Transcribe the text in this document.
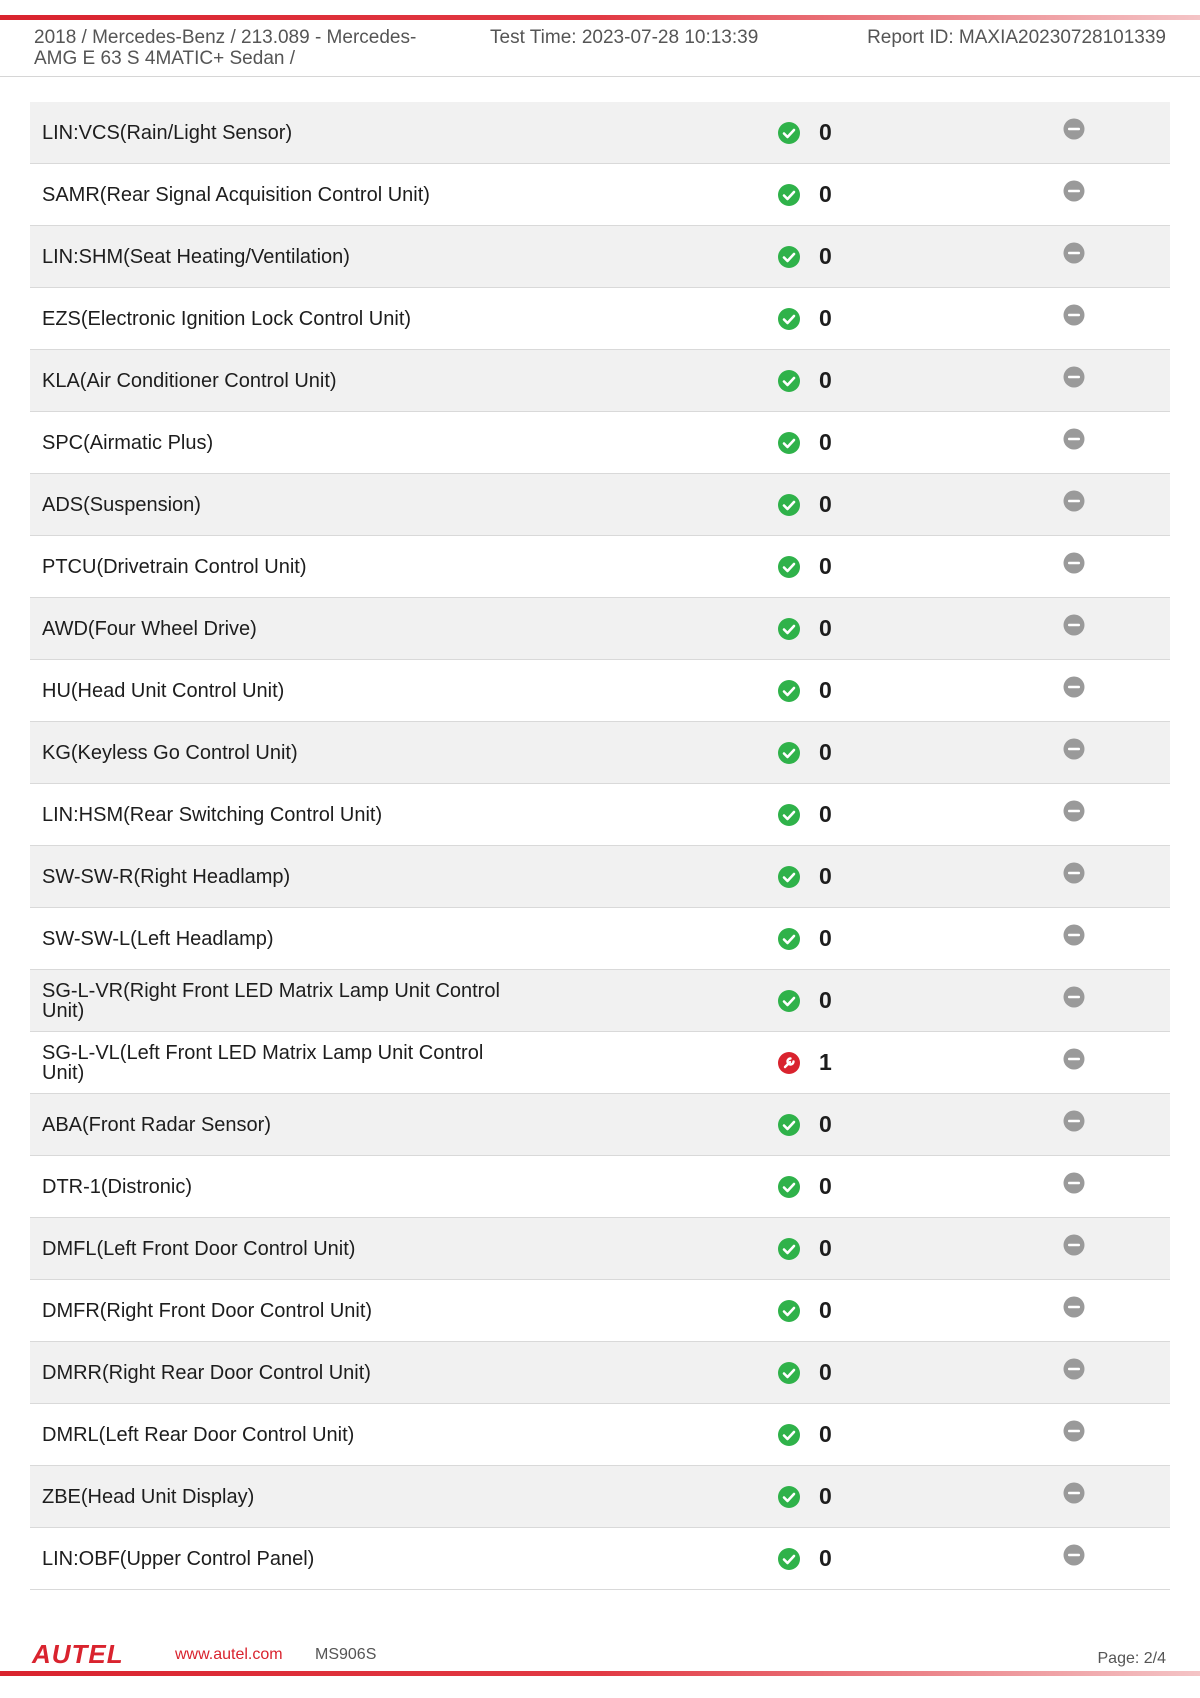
2018 / Mercedes-Benz / 213.089 - Mercedes-AMG E 63 S 4MATIC+ Sedan /
Test Time: 2023-07-28 10:13:39	Report ID: MAXIA20230728101339
LIN:VCS(Rain/Light Sensor)	0
SAMR(Rear Signal Acquisition Control Unit)	0
LIN:SHM(Seat Heating/Ventilation)	0
EZS(Electronic Ignition Lock Control Unit)	0
KLA(Air Conditioner Control Unit)	0
SPC(Airmatic Plus)	0
ADS(Suspension)	0
PTCU(Drivetrain Control Unit)	0
AWD(Four Wheel Drive)	0
HU(Head Unit Control Unit)	0
KG(Keyless Go Control Unit)	0
LIN:HSM(Rear Switching Control Unit)	0
SW-SW-R(Right Headlamp)	0
SW-SW-L(Left Headlamp)	0
SG-L-VR(Right Front LED Matrix Lamp Unit Control Unit)	0
SG-L-VL(Left Front LED Matrix Lamp Unit Control Unit)	1
ABA(Front Radar Sensor)	0
DTR-1(Distronic)	0
DMFL(Left Front Door Control Unit)	0
DMFR(Right Front Door Control Unit)	0
DMRR(Right Rear Door Control Unit)	0
DMRL(Left Rear Door Control Unit)	0
ZBE(Head Unit Display)	0
LIN:OBF(Upper Control Panel)	0
AUTEL	www.autel.com MS906S	Page: 2/4
